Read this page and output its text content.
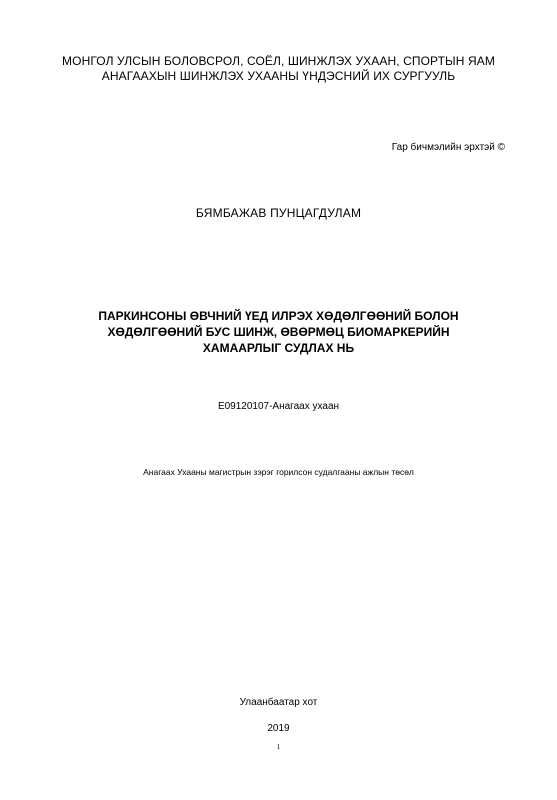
МОНГОЛ УЛСЫН БОЛОВСРОЛ, СОЁЛ, ШИНЖЛЭХ УХААН, СПОРТЫН ЯАМ
АНАГААХЫН ШИНЖЛЭХ УХААНЫ ҮНДЭСНИЙ ИХ СУРГУУЛЬ
Гар бичмэлийн эрхтэй ©
БЯМБАЖАВ ПУНЦАГДУЛАМ
ПАРКИНСОНЫ ӨВЧНИЙ ҮЕД ИЛРЭХ ХӨДӨЛГӨӨНИЙ БОЛОН
ХӨДӨЛГӨӨНИЙ БУС ШИНЖ, ӨВӨРМӨЦ БИОМАРКЕРИЙН
ХАМААРЛЫГ СУДЛАХ НЬ
E09120107-Анагаах ухаан
Анагаах Ухааны магистрын зэрэг горилсон судалгааны ажлын төсөл
Улаанбаатар хот
2019
1
